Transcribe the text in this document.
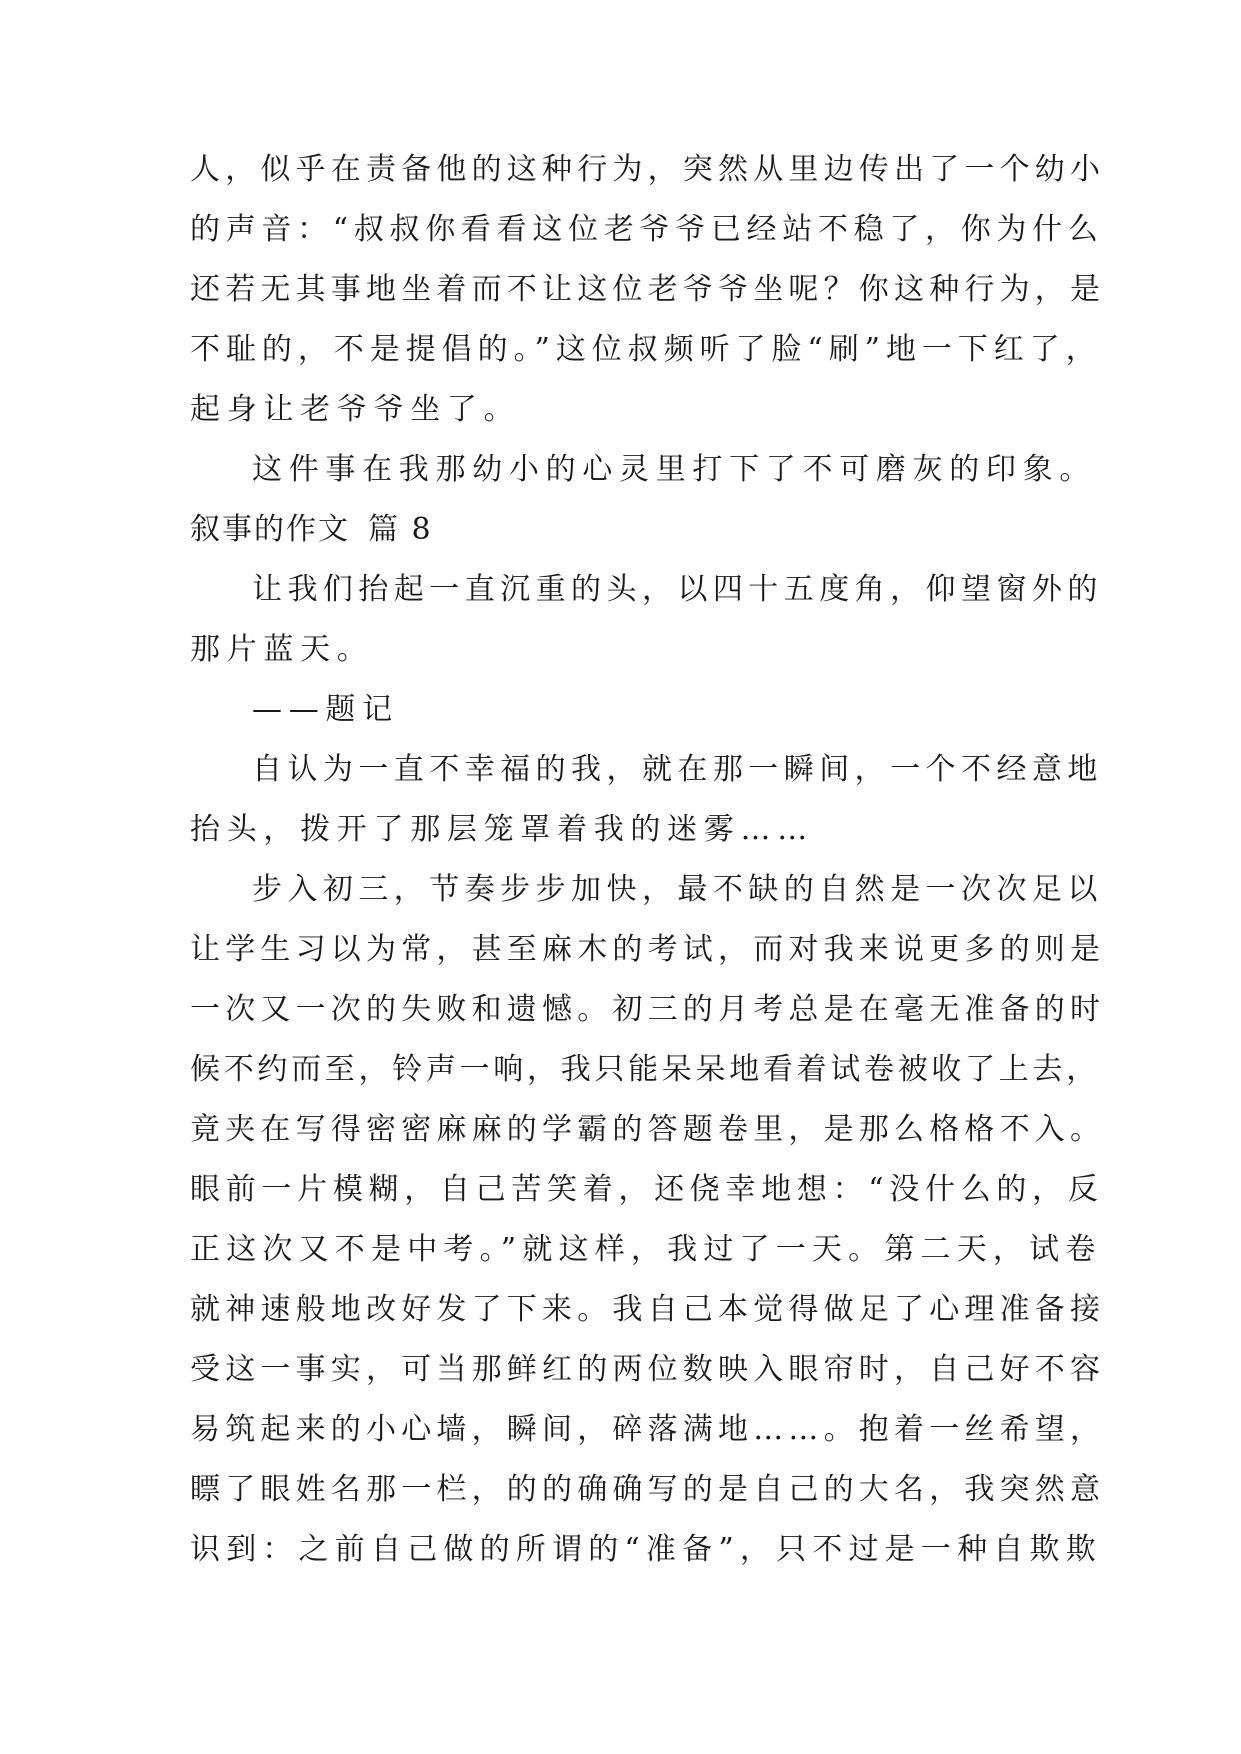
人，似乎在责备他的这种行为，突然从里边传出了一个幼小

的声音：“叔叔你看看这位老爷爷已经站不稳了，你为什么

还若无其事地坐着而不让这位老爷爷坐呢？你这种行为，是

不耻的，不是提倡的。”这位叔频听了脸“刷”地一下红了，

起身让老爷爷坐了。

这件事在我那幼小的心灵里打下了不可磨灰的印象。

叙事的作文 篇 8

让我们抬起一直沉重的头，以四十五度角，仰望窗外的

那片蓝天。

——题记

自认为一直不幸福的我，就在那一瞬间，一个不经意地

抬头，拨开了那层笼罩着我的迷雾……

步入初三，节奏步步加快，最不缺的自然是一次次足以

让学生习以为常，甚至麻木的考试，而对我来说更多的则是

一次又一次的失败和遗憾。初三的月考总是在毫无准备的时

候不约而至，铃声一响，我只能呆呆地看着试卷被收了上去，

竟夹在写得密密麻麻的学霸的答题卷里，是那么格格不入。

眼前一片模糊，自己苦笑着，还侥幸地想：“没什么的，反

正这次又不是中考。”就这样，我过了一天。第二天，试卷

就神速般地改好发了下来。我自己本觉得做足了心理准备接

受这一事实，可当那鲜红的两位数映入眼帘时，自己好不容

易筑起来的小心墙，瞬间，碎落满地……。抱着一丝希望，

瞟了眼姓名那一栏，的的确确写的是自己的大名，我突然意

识到：之前自己做的所谓的“准备”，只不过是一种自欺欺
